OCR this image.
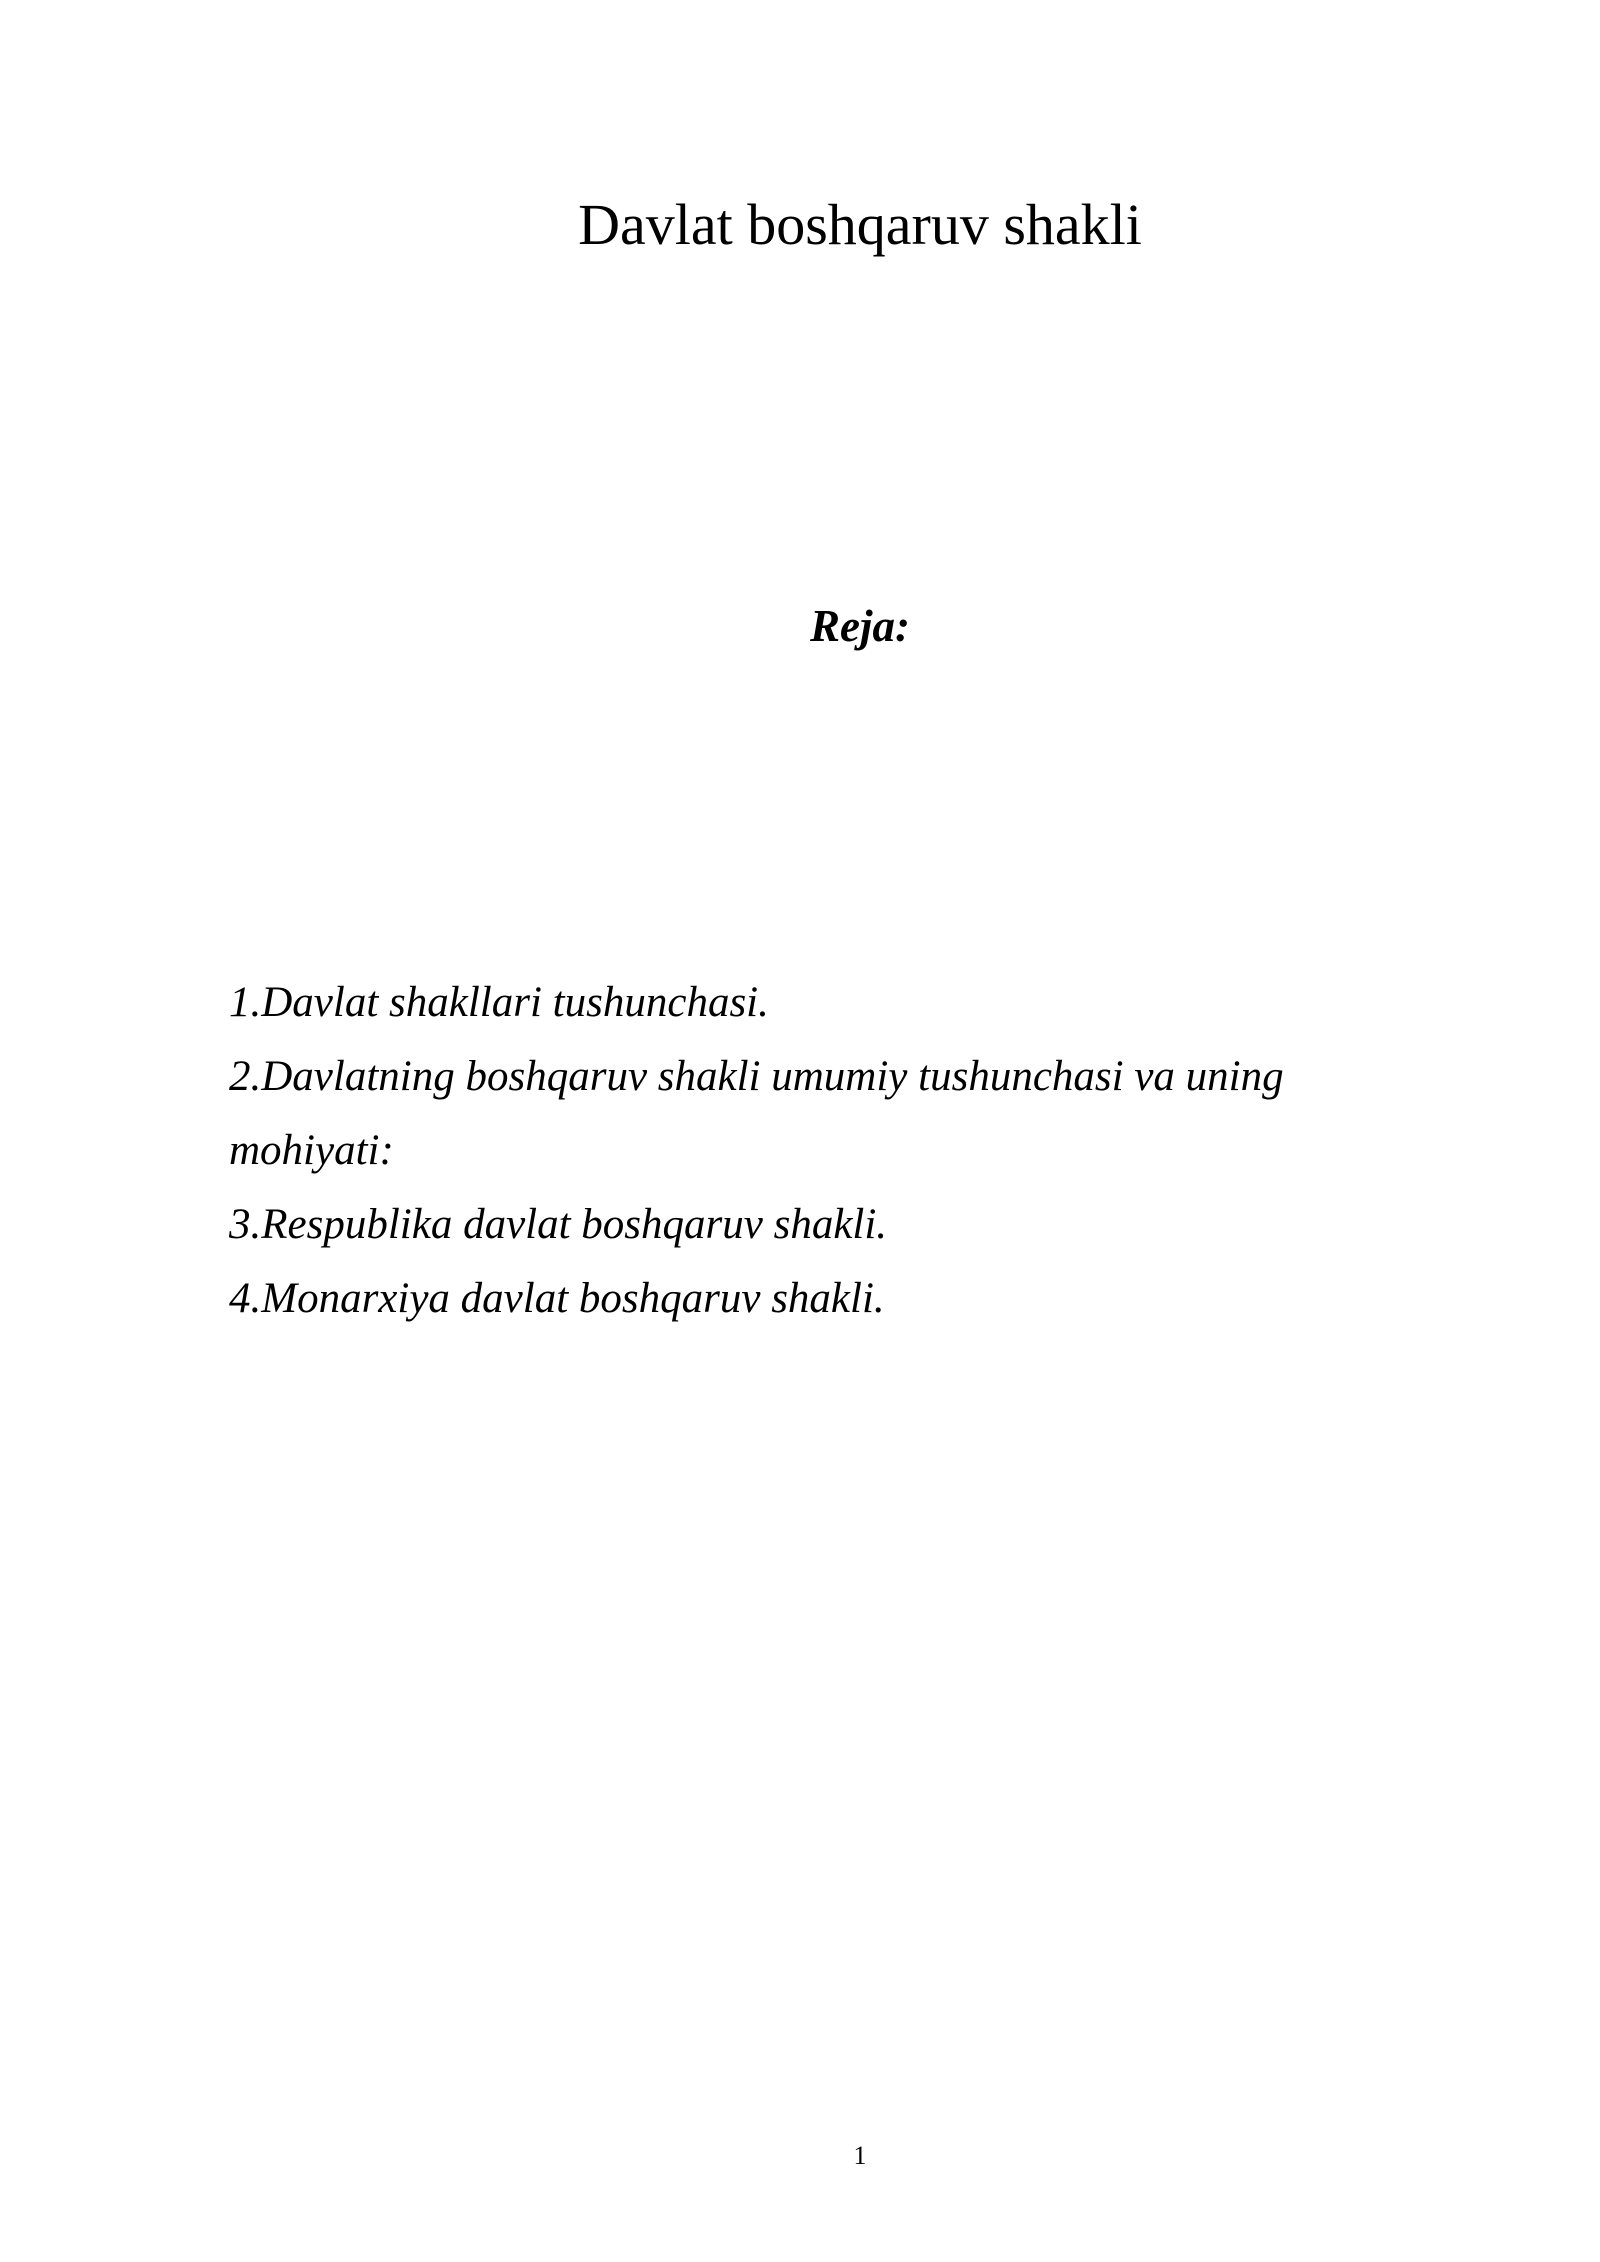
Davlat boshqaruv shakli
Reja:
1.Davlat shakllari tushunchasi.
2.Davlatning boshqaruv shakli umumiy tushunchasi va uning mohiyati:
3.Respublika davlat boshqaruv shakli.
4.Monarxiya davlat boshqaruv shakli.
1
